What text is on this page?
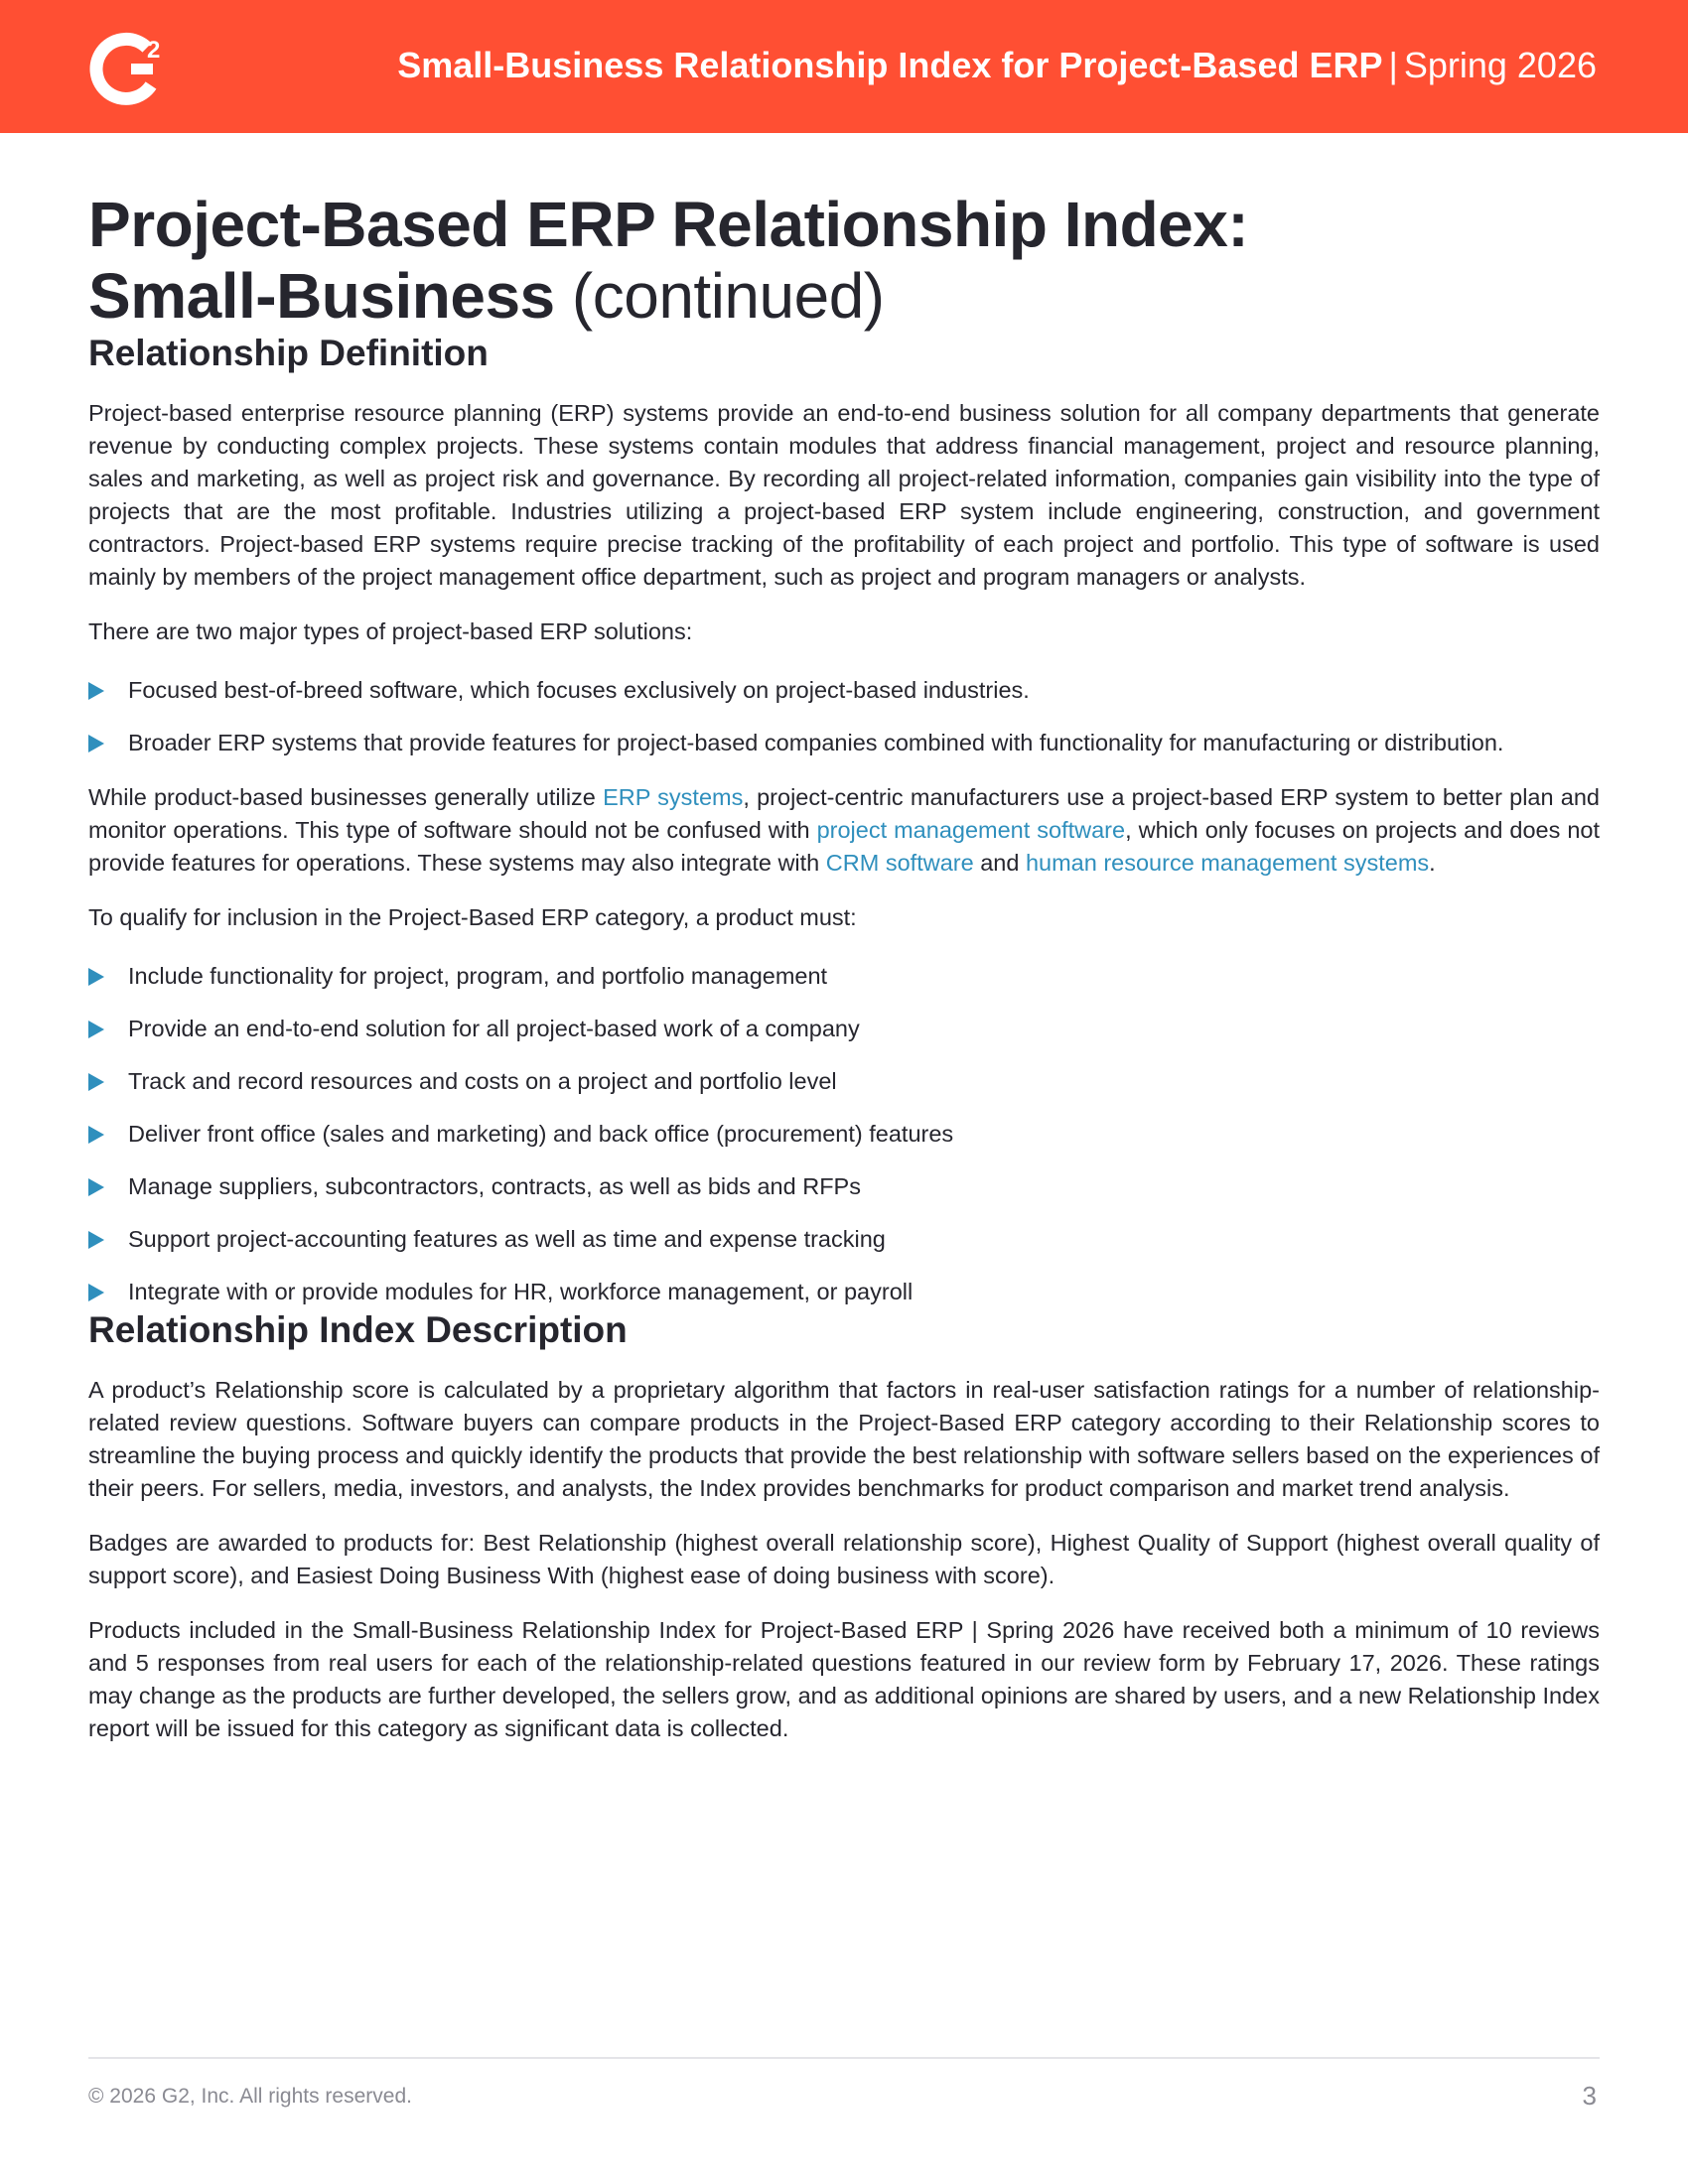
2	Small-Business Relationship Index for Project-Based ERP | Spring 2026
Project-Based ERP Relationship Index:
Small-Business (continued)
Relationship Definition

Project-based enterprise resource planning (ERP) systems provide an end-to-end business solution for all company departments that generate revenue by conducting complex projects. These systems contain modules that address financial management, project and resource planning, sales and marketing, as well as project risk and governance. By recording all project-related information, companies gain visibility into the type of projects that are the most profitable. Industries utilizing a project-based ERP system include engineering, construction, and government contractors. Project-based ERP systems require precise tracking of the profitability of each project and portfolio. This type of software is used mainly by members of the project management office department, such as project and program managers or analysts.

There are two major types of project-based ERP solutions:

Focused best-of-breed software, which focuses exclusively on project-based industries.
Broader ERP systems that provide features for project-based companies combined with functionality for manufacturing or distribution.

While product-based businesses generally utilize ERP systems, project-centric manufacturers use a project-based ERP system to better plan and monitor operations. This type of software should not be confused with project management software, which only focuses on projects and does not provide features for operations. These systems may also integrate with CRM software and human resource management systems.

To qualify for inclusion in the Project-Based ERP category, a product must:

Include functionality for project, program, and portfolio management
Provide an end-to-end solution for all project-based work of a company
Track and record resources and costs on a project and portfolio level
Deliver front office (sales and marketing) and back office (procurement) features
Manage suppliers, subcontractors, contracts, as well as bids and RFPs
Support project-accounting features as well as time and expense tracking
Integrate with or provide modules for HR, workforce management, or payroll
Relationship Index Description

A product’s Relationship score is calculated by a proprietary algorithm that factors in real-user satisfaction ratings for a number of relationship-related review questions. Software buyers can compare products in the Project-Based ERP category according to their Relationship scores to streamline the buying process and quickly identify the products that provide the best relationship with software sellers based on the experiences of their peers. For sellers, media, investors, and analysts, the Index provides benchmarks for product comparison and market trend analysis.

Badges are awarded to products for: Best Relationship (highest overall relationship score), Highest Quality of Support (highest overall quality of support score), and Easiest Doing Business With (highest ease of doing business with score).

Products included in the Small-Business Relationship Index for Project-Based ERP | Spring 2026 have received both a minimum of 10 reviews and 5 responses from real users for each of the relationship-related questions featured in our review form by February 17, 2026. These ratings may change as the products are further developed, the sellers grow, and as additional opinions are shared by users, and a new Relationship Index report will be issued for this category as significant data is collected.

© 2026 G2, Inc. All rights reserved.	3
